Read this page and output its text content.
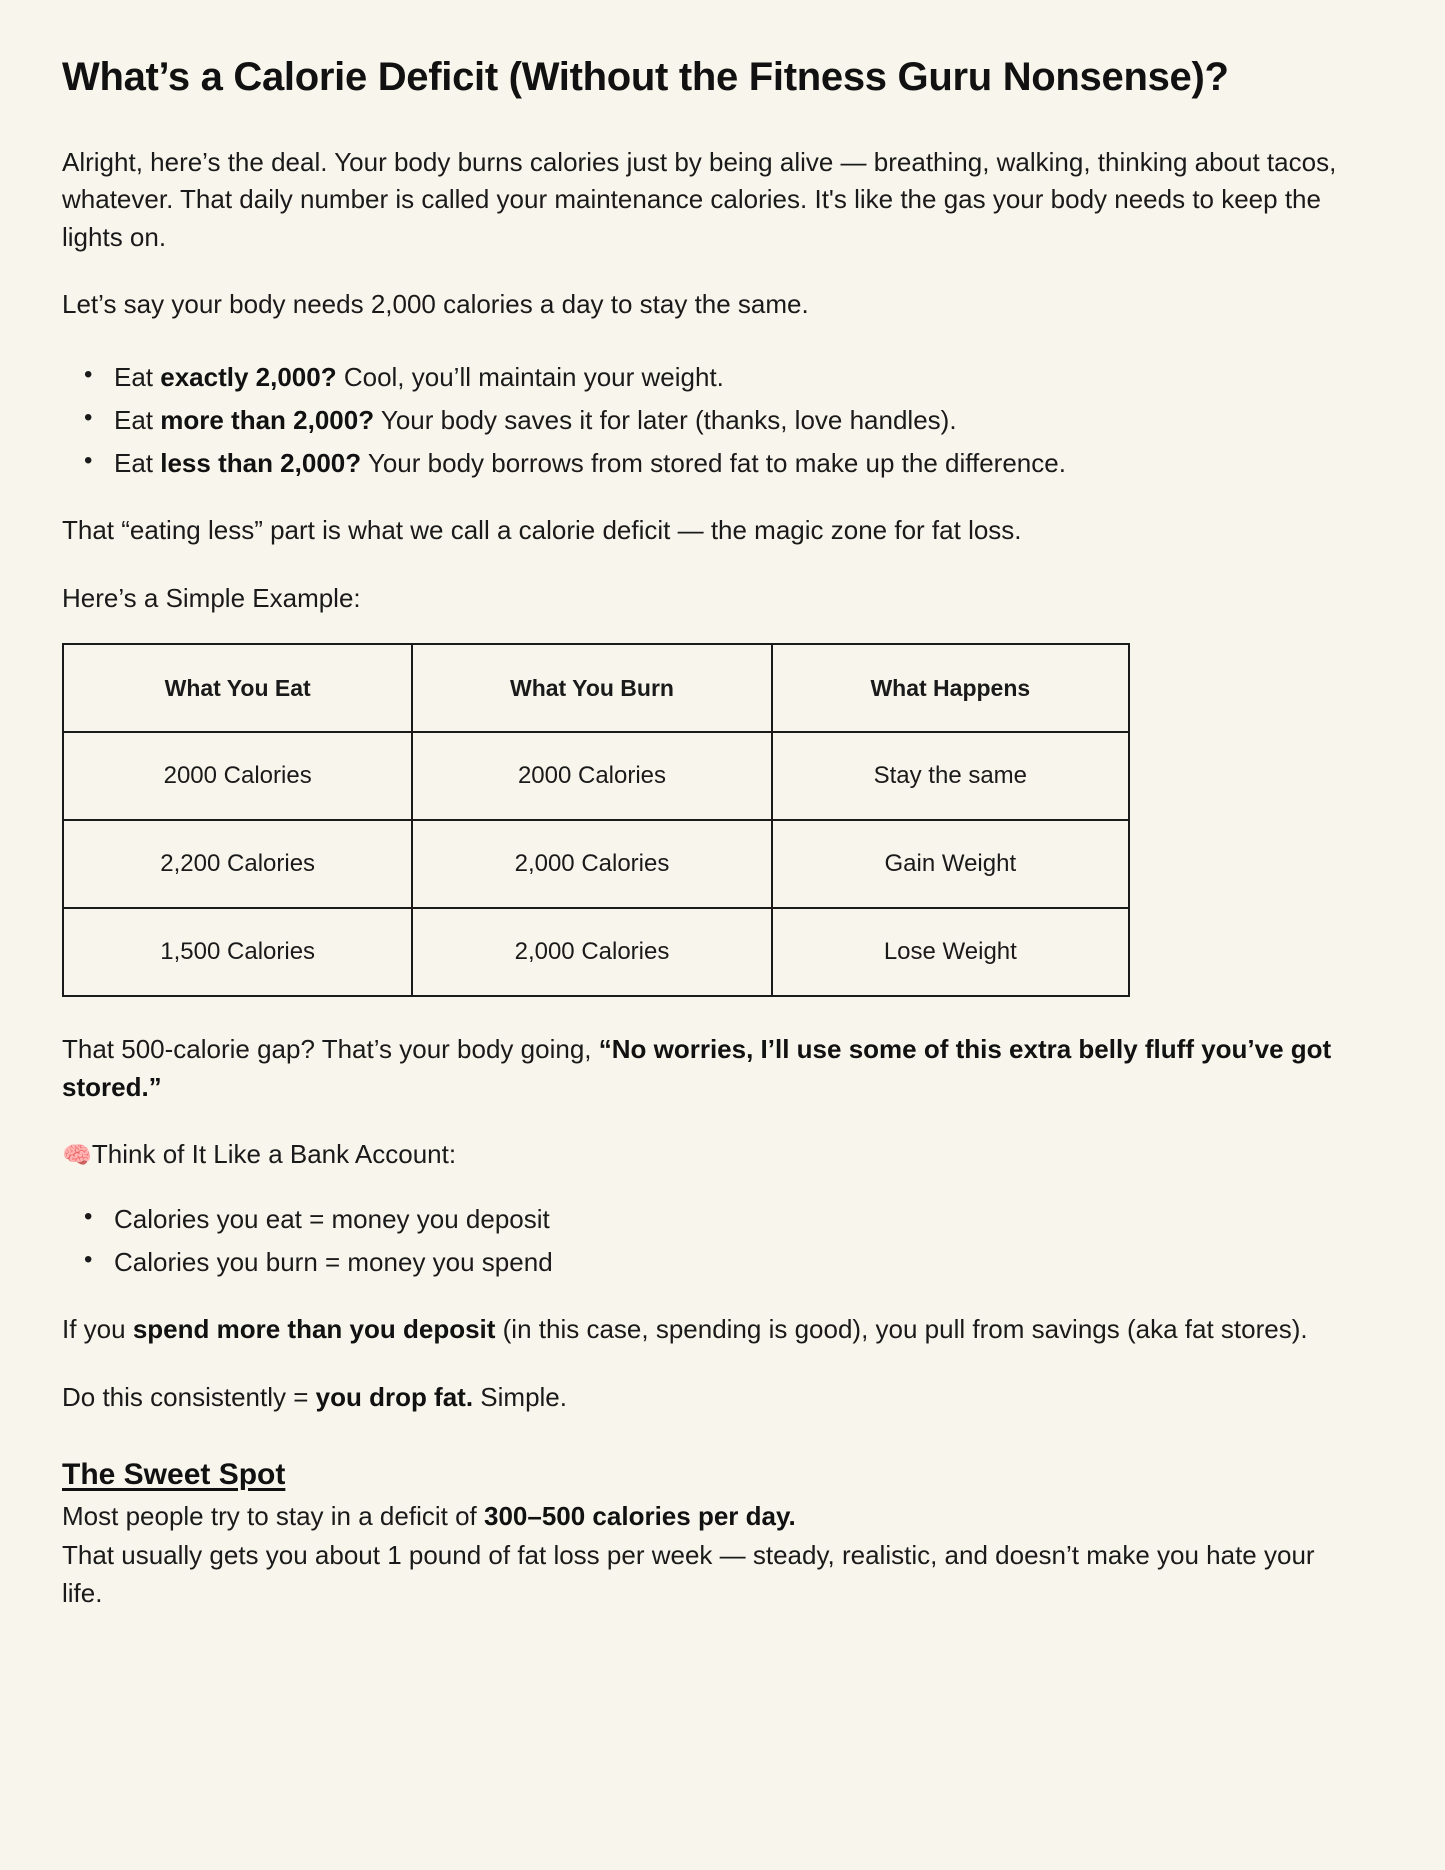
What’s a Calorie Deficit (Without the Fitness Guru Nonsense)?

Alright, here’s the deal. Your body burns calories just by being alive — breathing, walking, thinking about tacos, whatever. That daily number is called your maintenance calories. It's like the gas your body needs to keep the lights on.

Let’s say your body needs 2,000 calories a day to stay the same.

• Eat exactly 2,000? Cool, you’ll maintain your weight.
• Eat more than 2,000? Your body saves it for later (thanks, love handles).
• Eat less than 2,000? Your body borrows from stored fat to make up the difference.

That “eating less” part is what we call a calorie deficit — the magic zone for fat loss.

Here’s a Simple Example:

What You Eat	What You Burn	What Happens
2000 Calories	2000 Calories	Stay the same
2,200 Calories	2,000 Calories	Gain Weight
1,500 Calories	2,000 Calories	Lose Weight

That 500-calorie gap? That’s your body going, “No worries, I’ll use some of this extra belly fluff you’ve got stored.”

🧠Think of It Like a Bank Account:

• Calories you eat = money you deposit
• Calories you burn = money you spend

If you spend more than you deposit (in this case, spending is good), you pull from savings (aka fat stores).

Do this consistently = you drop fat. Simple.

The Sweet Spot

Most people try to stay in a deficit of 300–500 calories per day.

That usually gets you about 1 pound of fat loss per week — steady, realistic, and doesn’t make you hate your life.
